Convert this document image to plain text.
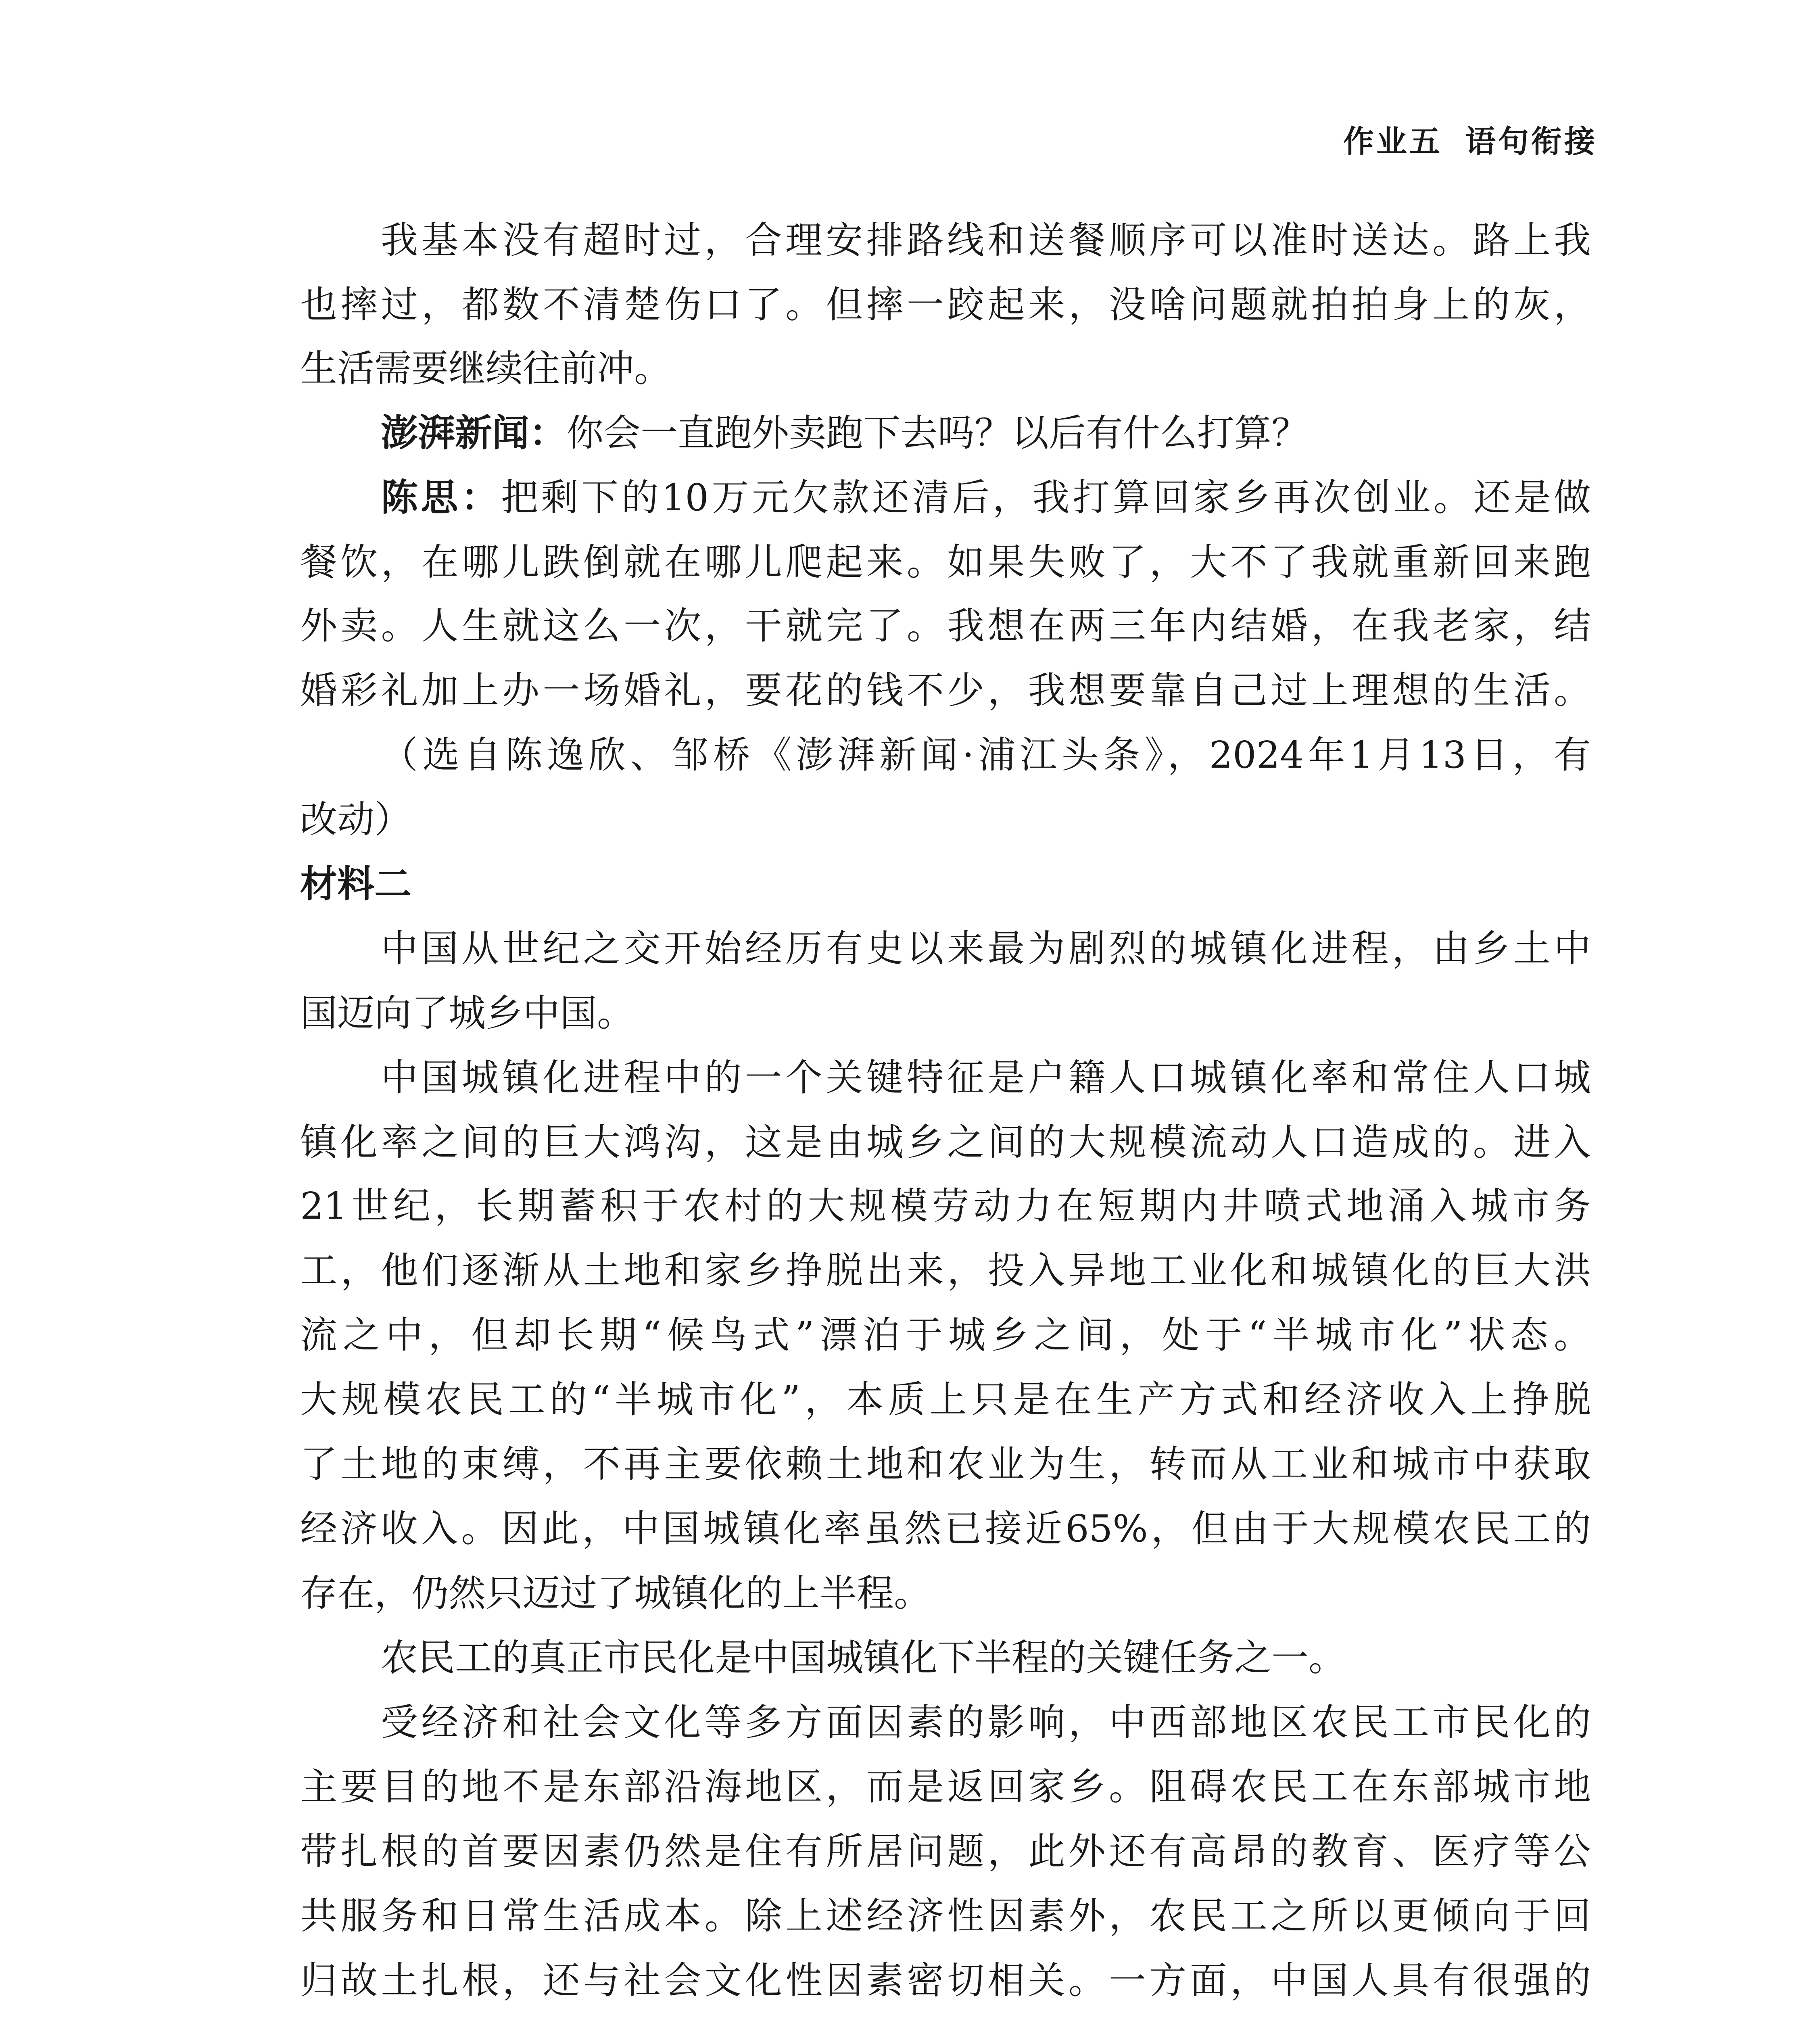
作业五 语句衔接
我基本没有超时过，合理安排路线和送餐顺序可以准时送达。路上我
也摔过，都数不清楚伤口了。但摔一跤起来，没啥问题就拍拍身上的灰，
生活需要继续往前冲。
澎湃新闻：你会一直跑外卖跑下去吗？以后有什么打算？
陈思：把剩下的10万元欠款还清后，我打算回家乡再次创业。还是做
餐饮，在哪儿跌倒就在哪儿爬起来。如果失败了，大不了我就重新回来跑
外卖。人生就这么一次，干就完了。我想在两三年内结婚，在我老家，结
婚彩礼加上办一场婚礼，要花的钱不少，我想要靠自己过上理想的生活。
（选自陈逸欣、邹桥《澎湃新闻·浦江头条》，2024年1月13日，有
改动）
材料二
中国从世纪之交开始经历有史以来最为剧烈的城镇化进程，由乡土中
国迈向了城乡中国。
中国城镇化进程中的一个关键特征是户籍人口城镇化率和常住人口城
镇化率之间的巨大鸿沟，这是由城乡之间的大规模流动人口造成的。进入
21世纪，长期蓄积于农村的大规模劳动力在短期内井喷式地涌入城市务
工，他们逐渐从土地和家乡挣脱出来，投入异地工业化和城镇化的巨大洪
流之中，但却长期“候鸟式”漂泊于城乡之间，处于“半城市化”状态。
大规模农民工的“半城市化”，本质上只是在生产方式和经济收入上挣脱
了土地的束缚，不再主要依赖土地和农业为生，转而从工业和城市中获取
经济收入。因此，中国城镇化率虽然已接近65%，但由于大规模农民工的
存在，仍然只迈过了城镇化的上半程。
农民工的真正市民化是中国城镇化下半程的关键任务之一。
受经济和社会文化等多方面因素的影响，中西部地区农民工市民化的
主要目的地不是东部沿海地区，而是返回家乡。阻碍农民工在东部城市地
带扎根的首要因素仍然是住有所居问题，此外还有高昂的教育、医疗等公
共服务和日常生活成本。除上述经济性因素外，农民工之所以更倾向于回
归故土扎根，还与社会文化性因素密切相关。一方面，中国人具有很强的
